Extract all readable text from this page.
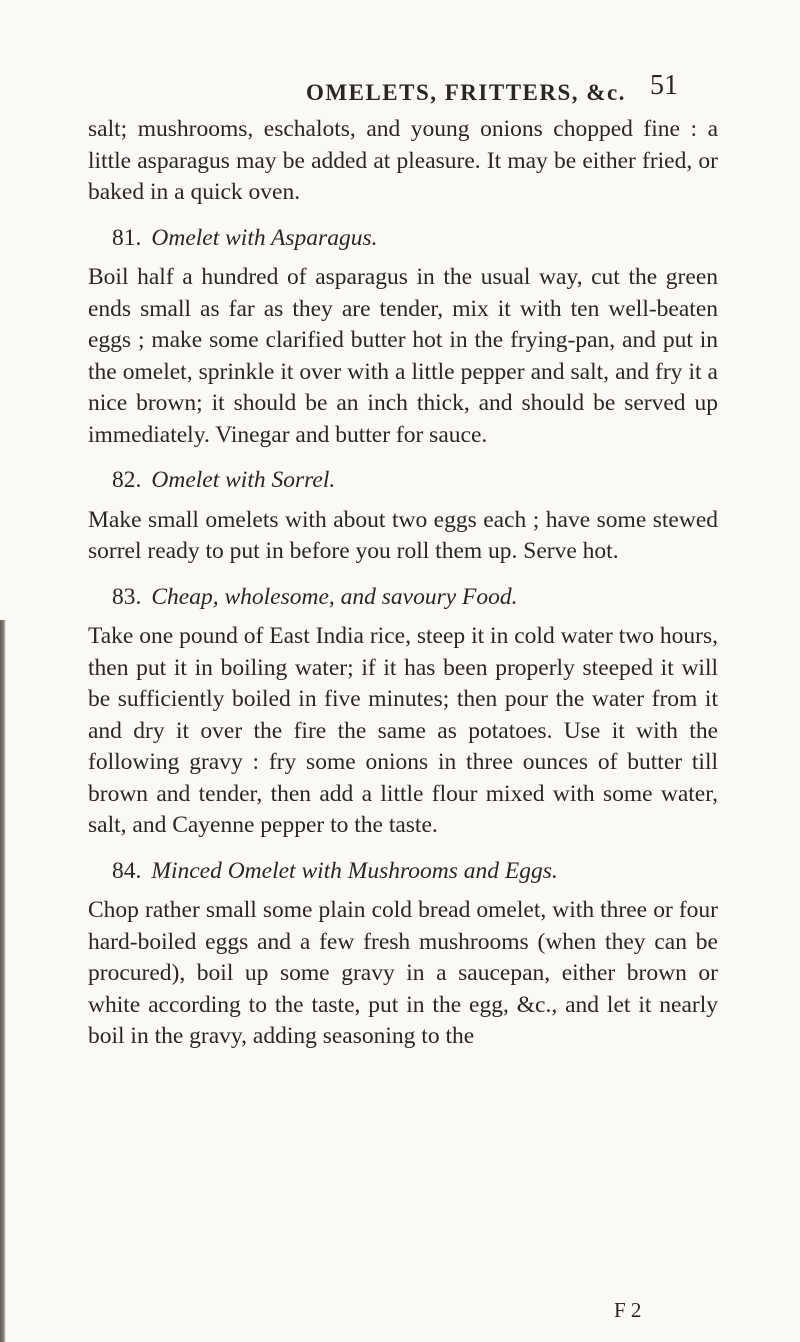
OMELETS, FRITTERS, &c. 51

salt; mushrooms, eschalots, and young onions chopped fine : a little asparagus may be added at pleasure. It may be either fried, or baked in a quick oven.

81. Omelet with Asparagus.

Boil half a hundred of asparagus in the usual way, cut the green ends small as far as they are tender, mix it with ten well-beaten eggs ; make some clarified butter hot in the frying-pan, and put in the omelet, sprinkle it over with a little pepper and salt, and fry it a nice brown; it should be an inch thick, and should be served up immediately. Vinegar and butter for sauce.

82. Omelet with Sorrel.

Make small omelets with about two eggs each ; have some stewed sorrel ready to put in before you roll them up. Serve hot.

83. Cheap, wholesome, and savoury Food.

Take one pound of East India rice, steep it in cold water two hours, then put it in boiling water; if it has been properly steeped it will be sufficiently boiled in five minutes; then pour the water from it and dry it over the fire the same as potatoes. Use it with the following gravy : fry some onions in three ounces of butter till brown and tender, then add a little flour mixed with some water, salt, and Cayenne pepper to the taste.

84. Minced Omelet with Mushrooms and Eggs.

Chop rather small some plain cold bread omelet, with three or four hard-boiled eggs and a few fresh mushrooms (when they can be procured), boil up some gravy in a saucepan, either brown or white according to the taste, put in the egg, &c., and let it nearly boil in the gravy, adding seasoning to the

F 2
